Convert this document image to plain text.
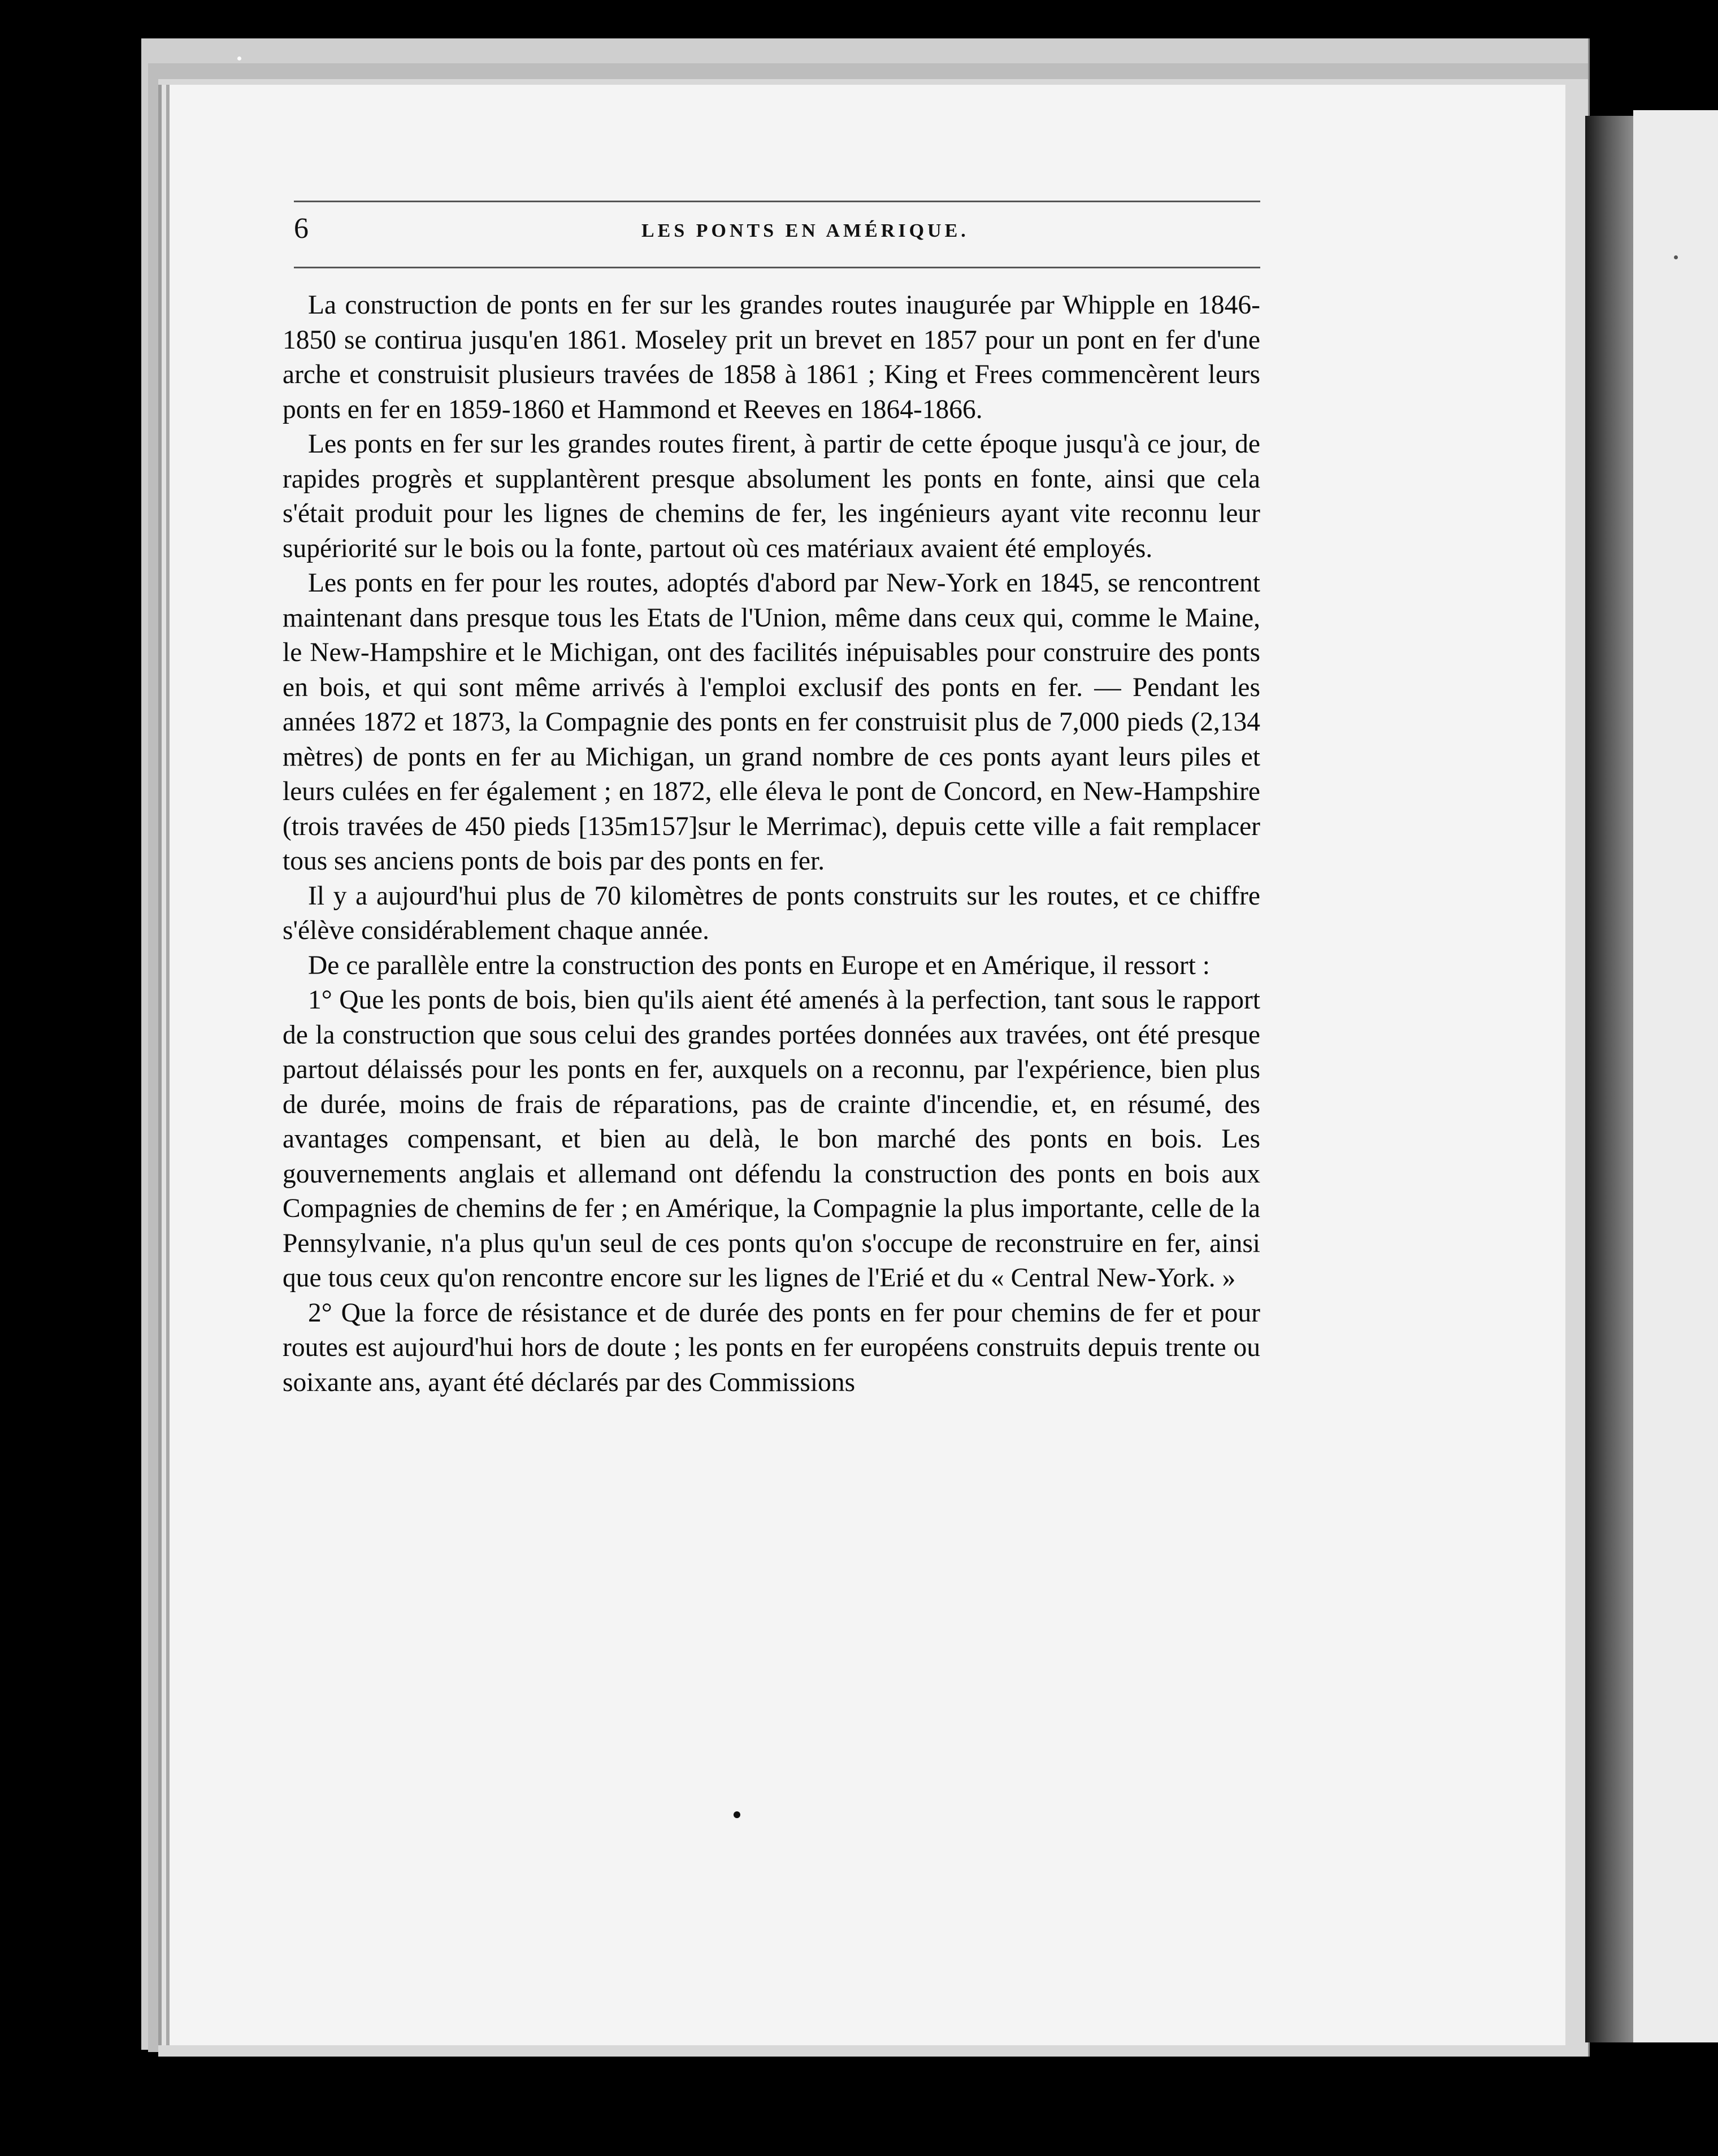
6	LES PONTS EN AMÉRIQUE.

La construction de ponts en fer sur les grandes routes inaugurée par Whipple en 1846-1850 se contirua jusqu'en 1861. Moseley prit un brevet en 1857 pour un pont en fer d'une arche et construisit plusieurs travées de 1858 à 1861 ; King et Frees commencèrent leurs ponts en fer en 1859-1860 et Hammond et Reeves en 1864-1866.

Les ponts en fer sur les grandes routes firent, à partir de cette époque jusqu'à ce jour, de rapides progrès et supplantèrent presque absolument les ponts en fonte, ainsi que cela s'était produit pour les lignes de chemins de fer, les ingénieurs ayant vite reconnu leur supériorité sur le bois ou la fonte, partout où ces matériaux avaient été employés.

Les ponts en fer pour les routes, adoptés d'abord par New-York en 1845, se rencontrent maintenant dans presque tous les Etats de l'Union, même dans ceux qui, comme le Maine, le New-Hampshire et le Michigan, ont des facilités inépuisables pour construire des ponts en bois, et qui sont même arrivés à l'emploi exclusif des ponts en fer. — Pendant les années 1872 et 1873, la Compagnie des ponts en fer construisit plus de 7,000 pieds (2,134 mètres) de ponts en fer au Michigan, un grand nombre de ces ponts ayant leurs piles et leurs culées en fer également ; en 1872, elle éleva le pont de Concord, en New-Hampshire (trois travées de 450 pieds [135m157]sur le Merrimac), depuis cette ville a fait remplacer tous ses anciens ponts de bois par des ponts en fer.

Il y a aujourd'hui plus de 70 kilomètres de ponts construits sur les routes, et ce chiffre s'élève considérablement chaque année.

De ce parallèle entre la construction des ponts en Europe et en Amérique, il ressort :

1° Que les ponts de bois, bien qu'ils aient été amenés à la perfection, tant sous le rapport de la construction que sous celui des grandes portées données aux travées, ont été presque partout délaissés pour les ponts en fer, auxquels on a reconnu, par l'expérience, bien plus de durée, moins de frais de réparations, pas de crainte d'incendie, et, en résumé, des avantages compensant, et bien au delà, le bon marché des ponts en bois. Les gouvernements anglais et allemand ont défendu la construction des ponts en bois aux Compagnies de chemins de fer ; en Amérique, la Compagnie la plus importante, celle de la Pennsylvanie, n'a plus qu'un seul de ces ponts qu'on s'occupe de reconstruire en fer, ainsi que tous ceux qu'on rencontre encore sur les lignes de l'Erié et du « Central New-York. »

2° Que la force de résistance et de durée des ponts en fer pour chemins de fer et pour routes est aujourd'hui hors de doute ; les ponts en fer européens construits depuis trente ou soixante ans, ayant été déclarés par des Commissions
